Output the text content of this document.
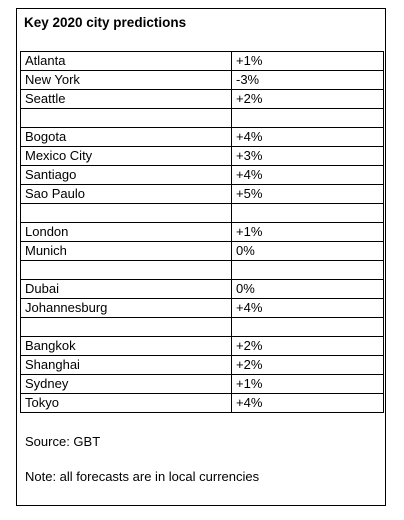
Key 2020 city predictions
Atlanta	+1%
New York	-3%
Seattle	+2%

Bogota	+4%
Mexico City	+3%
Santiago	+4%
Sao Paulo	+5%

London	+1%
Munich	0%

Dubai	0%
Johannesburg	+4%

Bangkok	+2%
Shanghai	+2%
Sydney	+1%
Tokyo	+4%
Source: GBT
Note: all forecasts are in local currencies
